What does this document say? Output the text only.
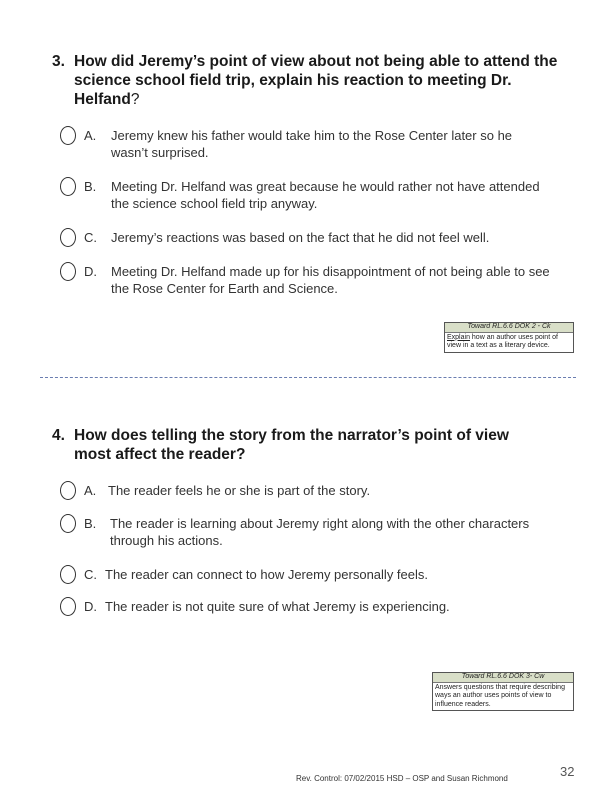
3. How did Jeremy’s point of view about not being able to attend the science school field trip, explain his reaction to meeting Dr. Helfand?
A. Jeremy knew his father would take him to the Rose Center later so he wasn’t surprised.
B. Meeting Dr. Helfand was great because he would rather not have attended the science school field trip anyway.
C. Jeremy’s reactions was based on the fact that he did not feel well.
D. Meeting Dr. Helfand made up for his disappointment of not being able to see the Rose Center for Earth and Science.
Toward RL.6.6 DOK 2 - Ck
Explain how an author uses point of view in a text as a literary device.
4. How does telling the story from the narrator’s point of view most affect the reader?
A. The reader feels he or she is part of the story.
B. The reader is learning about Jeremy right along with the other characters through his actions.
C. The reader can connect to how Jeremy personally feels.
D. The reader is not quite sure of what Jeremy is experiencing.
Toward RL.6.6 DOK 3- Cw
Answers questions that require describing ways an author uses points of view to influence readers.
Rev. Control: 07/02/2015 HSD – OSP and Susan Richmond	32
